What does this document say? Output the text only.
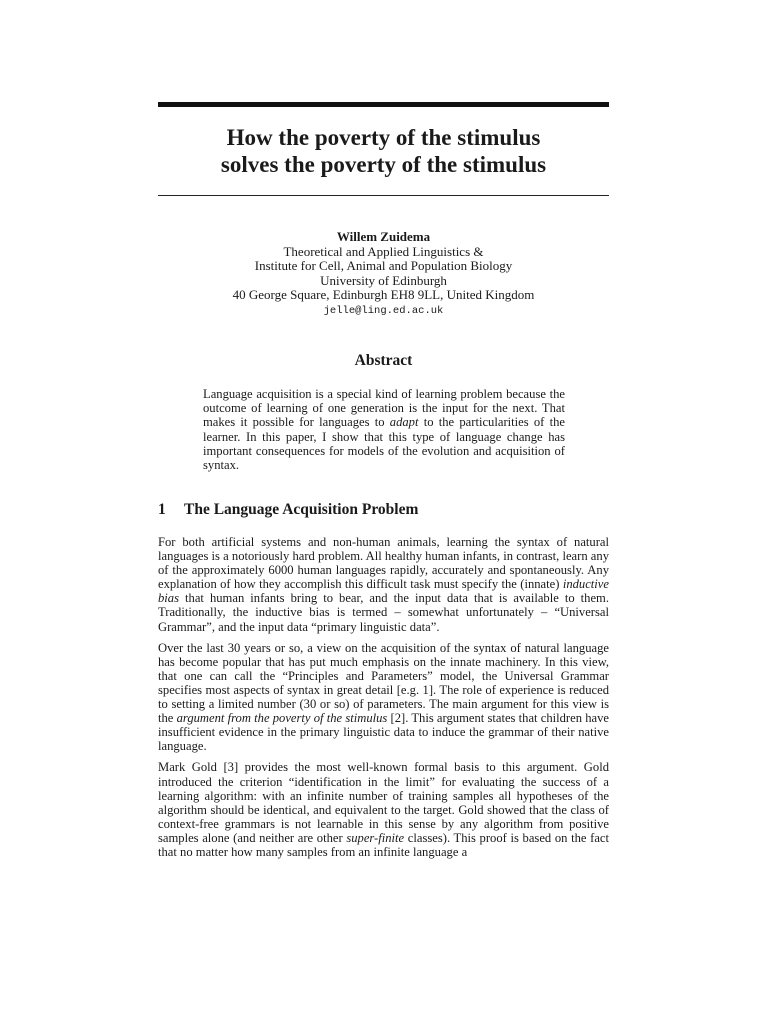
How the poverty of the stimulus
solves the poverty of the stimulus
Willem Zuidema
Theoretical and Applied Linguistics &
Institute for Cell, Animal and Population Biology
University of Edinburgh
40 George Square, Edinburgh EH8 9LL, United Kingdom
jelle@ling.ed.ac.uk
Abstract

Language acquisition is a special kind of learning problem because the outcome of learning of one generation is the input for the next. That makes it possible for languages to adapt to the particularities of the learner. In this paper, I show that this type of language change has important consequences for models of the evolution and acquisition of syntax.

1 The Language Acquisition Problem

For both artificial systems and non-human animals, learning the syntax of natural languages is a notoriously hard problem. All healthy human infants, in contrast, learn any of the approximately 6000 human languages rapidly, accurately and spontaneously. Any explanation of how they accomplish this difficult task must specify the (innate) inductive bias that human infants bring to bear, and the input data that is available to them. Traditionally, the inductive bias is termed – somewhat unfortunately – “Universal Grammar”, and the input data “primary linguistic data”.

Over the last 30 years or so, a view on the acquisition of the syntax of natural language has become popular that has put much emphasis on the innate machinery. In this view, that one can call the “Principles and Parameters” model, the Universal Grammar specifies most aspects of syntax in great detail [e.g. 1]. The role of experience is reduced to setting a limited number (30 or so) of parameters. The main argument for this view is the argument from the poverty of the stimulus [2]. This argument states that children have insufficient evidence in the primary linguistic data to induce the grammar of their native language.

Mark Gold [3] provides the most well-known formal basis to this argument. Gold introduced the criterion “identification in the limit” for evaluating the success of a learning algorithm: with an infinite number of training samples all hypotheses of the algorithm should be identical, and equivalent to the target. Gold showed that the class of context-free grammars is not learnable in this sense by any algorithm from positive samples alone (and neither are other super-finite classes). This proof is based on the fact that no matter how many samples from an infinite language a
